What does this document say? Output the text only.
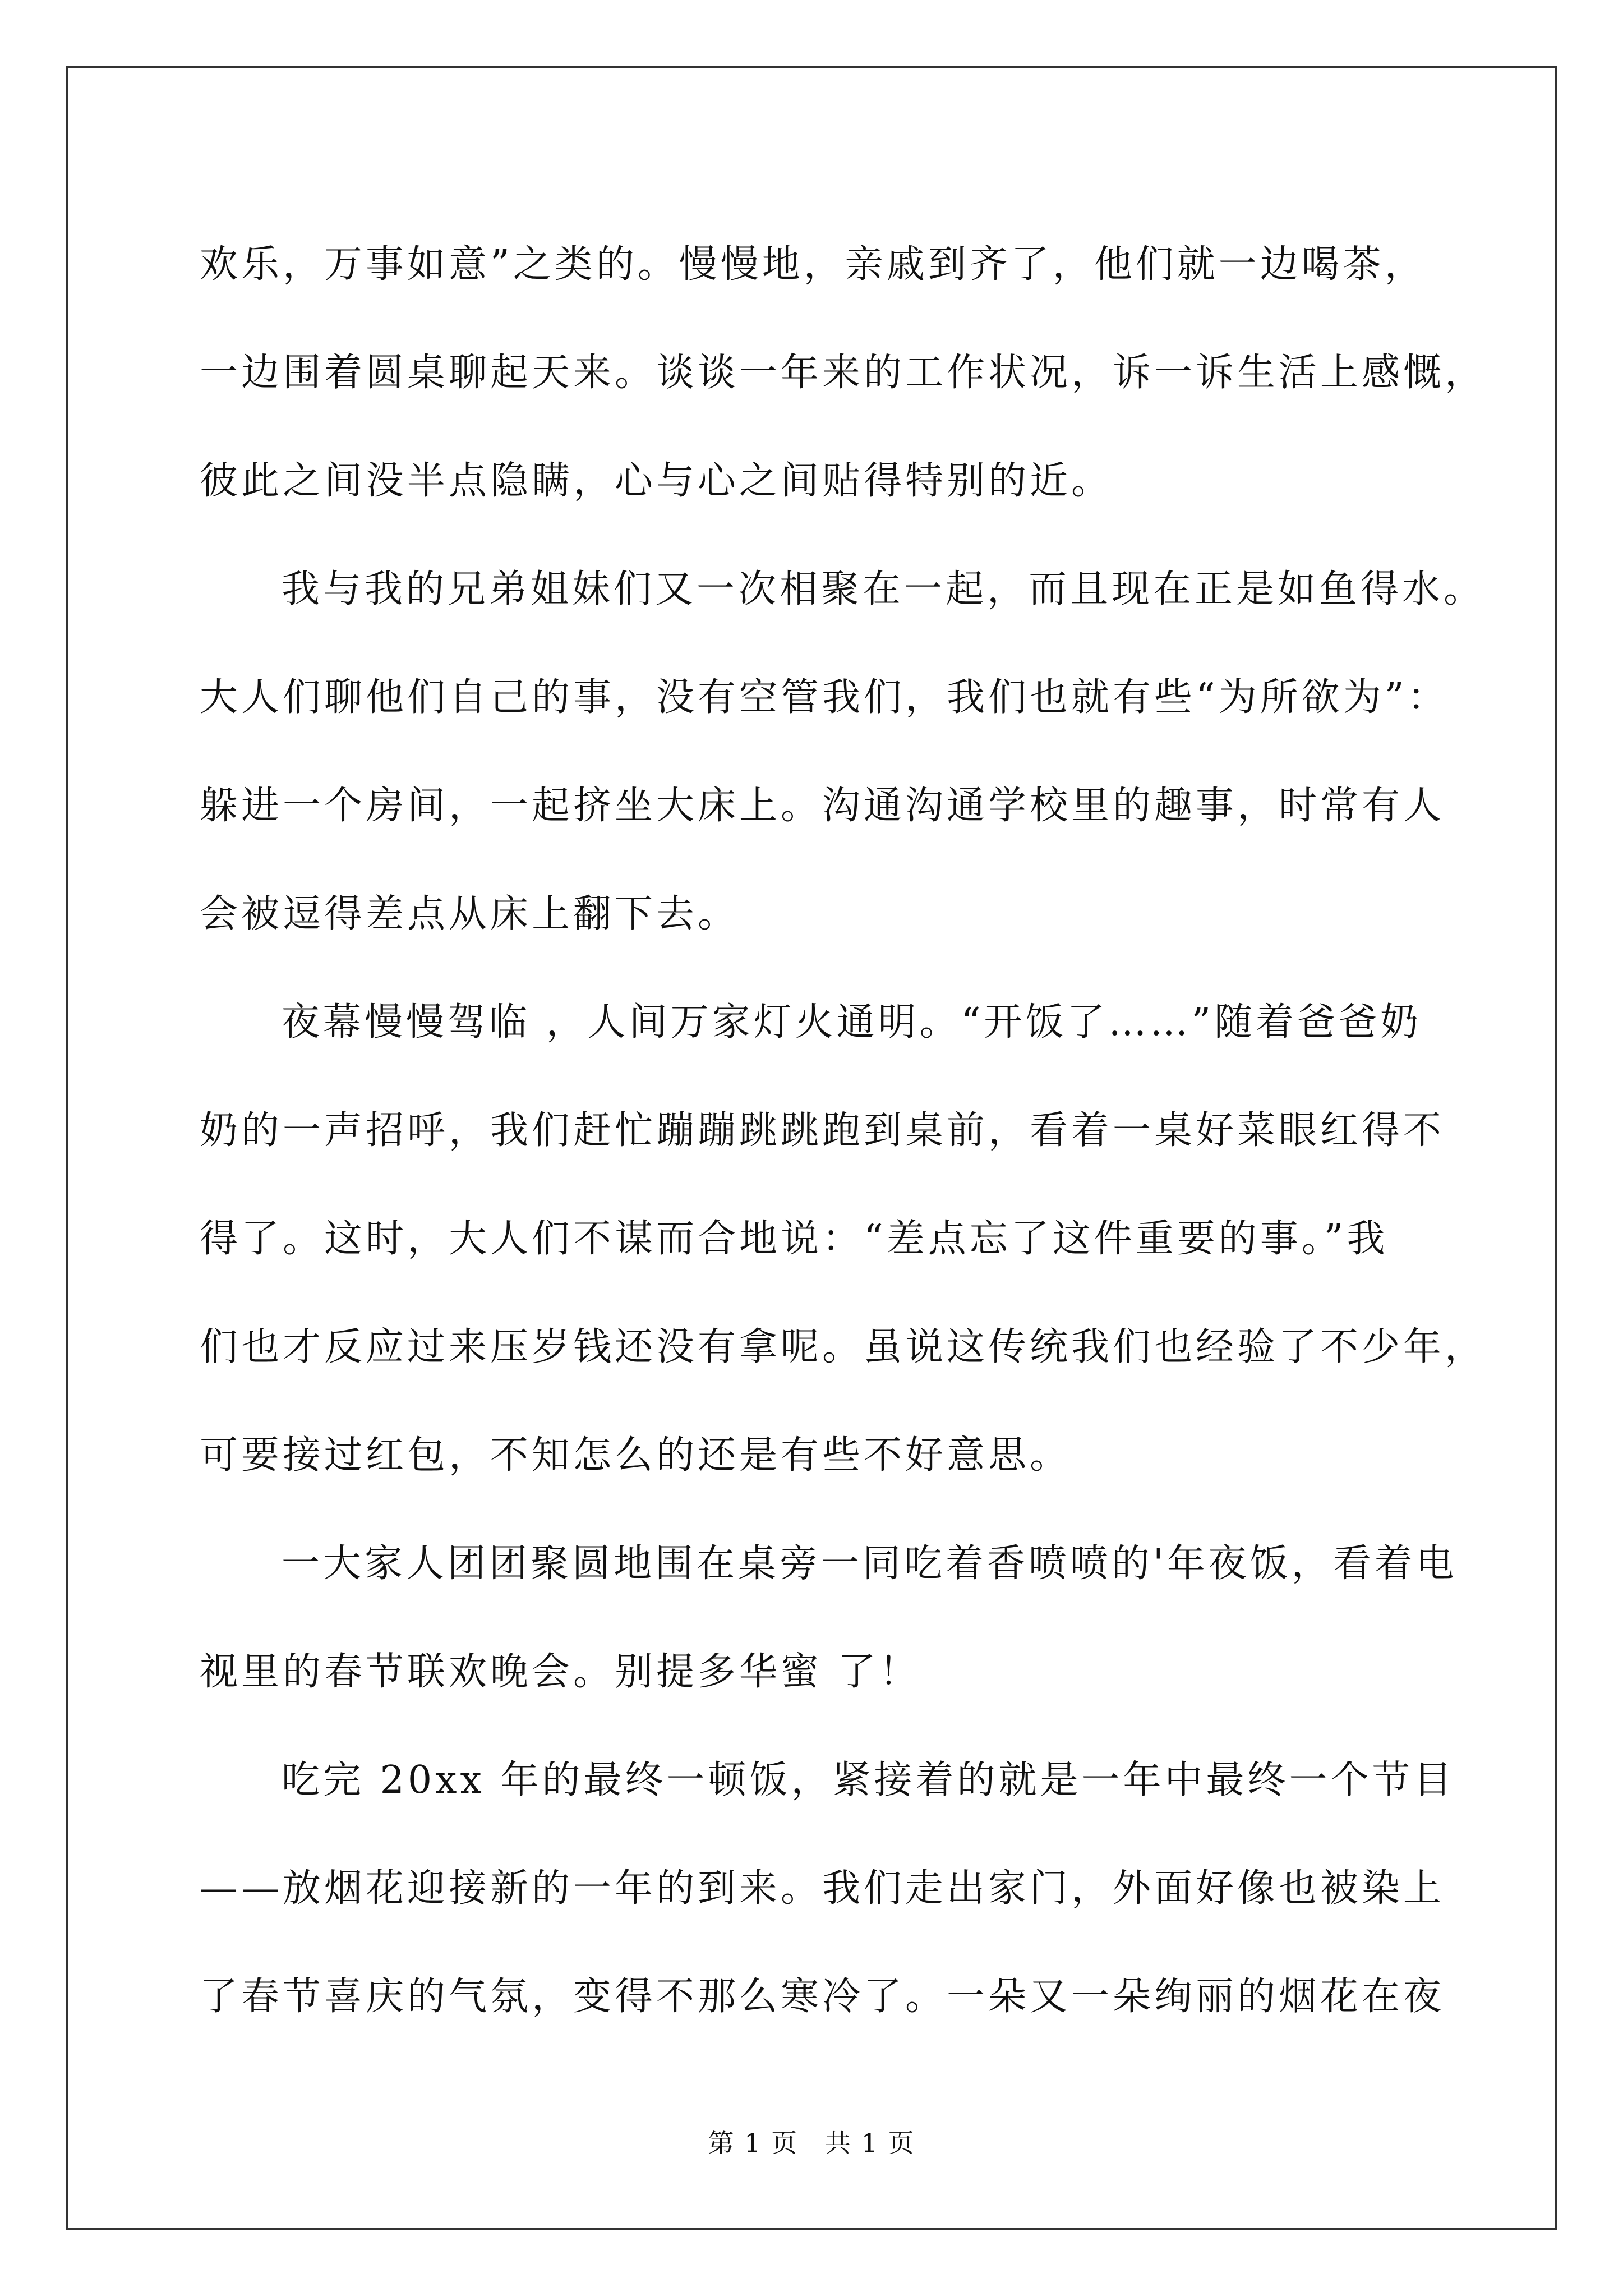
欢乐，万事如意”之类的。慢慢地，亲戚到齐了，他们就一边喝茶，
一边围着圆桌聊起天来。谈谈一年来的工作状况，诉一诉生活上感慨，
彼此之间没半点隐瞒，心与心之间贴得特别的近。
我与我的兄弟姐妹们又一次相聚在一起，而且现在正是如鱼得水。
大人们聊他们自己的事，没有空管我们，我们也就有些“为所欲为”：
躲进一个房间，一起挤坐大床上。沟通沟通学校里的趣事，时常有人
会被逗得差点从床上翻下去。
夜幕慢慢驾临 ，人间万家灯火通明。“开饭了……”随着爸爸奶
奶的一声招呼，我们赶忙蹦蹦跳跳跑到桌前，看着一桌好菜眼红得不
得了。这时，大人们不谋而合地说：“差点忘了这件重要的事。”我
们也才反应过来压岁钱还没有拿呢。虽说这传统我们也经验了不少年，
可要接过红包，不知怎么的还是有些不好意思。
一大家人团团聚圆地围在桌旁一同吃着香喷喷的'年夜饭，看着电
视里的春节联欢晚会。别提多华蜜 了！
吃完 20xx 年的最终一顿饭，紧接着的就是一年中最终一个节目
——放烟花迎接新的一年的到来。我们走出家门，外面好像也被染上
了春节喜庆的气氛，变得不那么寒冷了。一朵又一朵绚丽的烟花在夜
第 1 页　共 1 页
